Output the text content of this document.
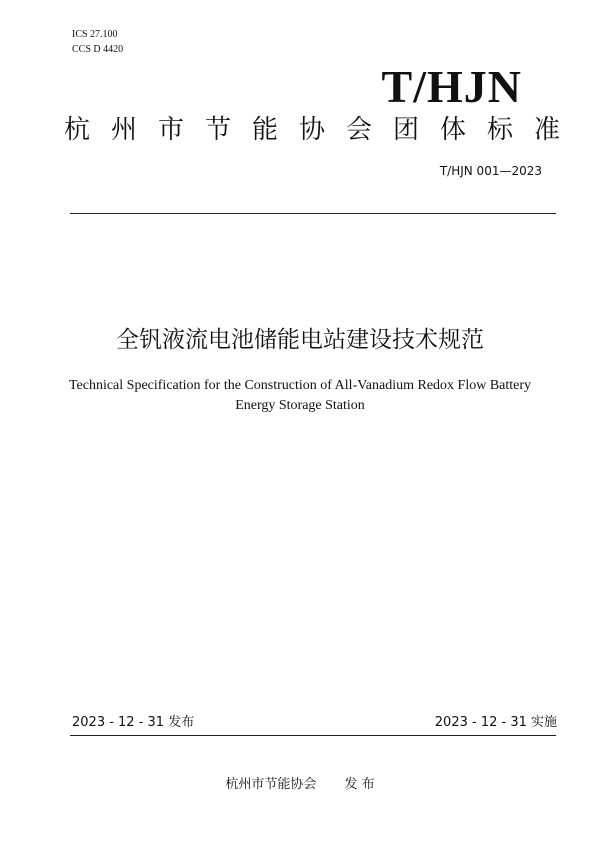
ICS 27.100
CCS D 4420
T/HJN
杭州市节能协会团体标准
T/HJN 001—2023
全钒液流电池储能电站建设技术规范
Technical Specification for the Construction of All-Vanadium Redox Flow Battery
Energy Storage Station
2023 - 12 - 31 发布	2023 - 12 - 31 实施
杭州市节能协会 发 布
